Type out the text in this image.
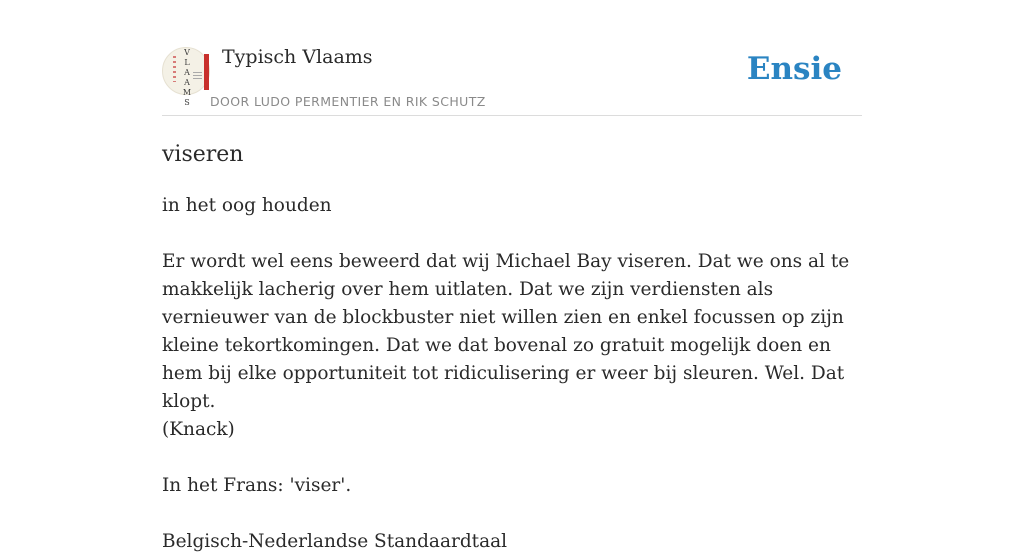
V
L
A
A
M
S
Typisch Vlaams
DOOR LUDO PERMENTIER EN RIK SCHUTZ
Ensie
viseren
in het oog houden
Er wordt wel eens beweerd dat wij Michael Bay viseren. Dat we ons al te makkelijk lacherig over hem uitlaten. Dat we zijn verdiensten als vernieuwer van de blockbuster niet willen zien en enkel focussen op zijn kleine tekortkomingen. Dat we dat bovenal zo gratuit mogelijk doen en hem bij elke opportuniteit tot ridiculisering er weer bij sleuren. Wel. Dat klopt.
(Knack)
In het Frans: 'viser'.
Belgisch-Nederlandse Standaardtaal
